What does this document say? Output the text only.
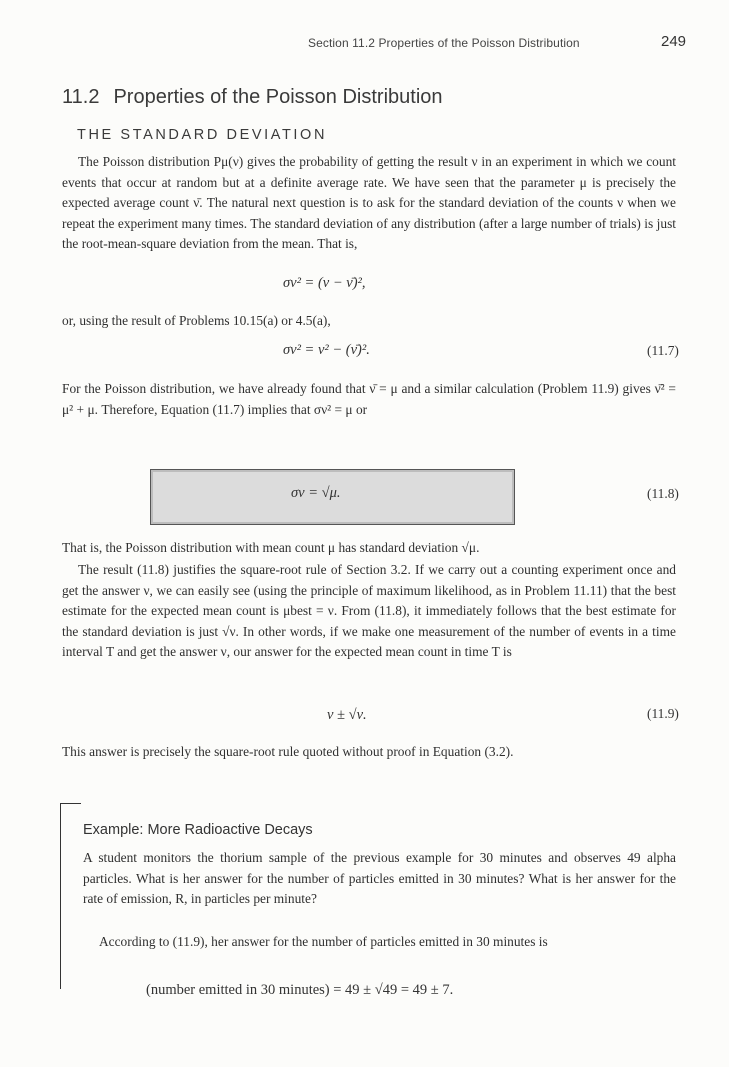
Section 11.2 Properties of the Poisson Distribution	249
11.2 Properties of the Poisson Distribution
THE STANDARD DEVIATION

The Poisson distribution Pμ(ν) gives the probability of getting the result ν in an experiment in which we count events that occur at random but at a definite average rate. We have seen that the parameter μ is precisely the expected average count ν̄. The natural next question is to ask for the standard deviation of the counts ν when we repeat the experiment many times. The standard deviation of any distribution (after a large number of trials) is just the root-mean-square deviation from the mean. That is,

σν² = (ν − ν̄)²,

or, using the result of Problems 10.15(a) or 4.5(a),

σν² = ν² − (ν̄)².	(11.7)

For the Poisson distribution, we have already found that ν̄ = μ and a similar calculation (Problem 11.9) gives ν̄² = μ² + μ. Therefore, Equation (11.7) implies that σν² = μ or

σν = √μ.	(11.8)

That is, the Poisson distribution with mean count μ has standard deviation √μ.

The result (11.8) justifies the square-root rule of Section 3.2. If we carry out a counting experiment once and get the answer ν, we can easily see (using the principle of maximum likelihood, as in Problem 11.11) that the best estimate for the expected mean count is μbest = ν. From (11.8), it immediately follows that the best estimate for the standard deviation is just √ν. In other words, if we make one measurement of the number of events in a time interval T and get the answer ν, our answer for the expected mean count in time T is

ν ± √ν.	(11.9)

This answer is precisely the square-root rule quoted without proof in Equation (3.2).

Example: More Radioactive Decays

A student monitors the thorium sample of the previous example for 30 minutes and observes 49 alpha particles. What is her answer for the number of particles emitted in 30 minutes? What is her answer for the rate of emission, R, in particles per minute?

According to (11.9), her answer for the number of particles emitted in 30 minutes is

(number emitted in 30 minutes) = 49 ± √49 = 49 ± 7.
